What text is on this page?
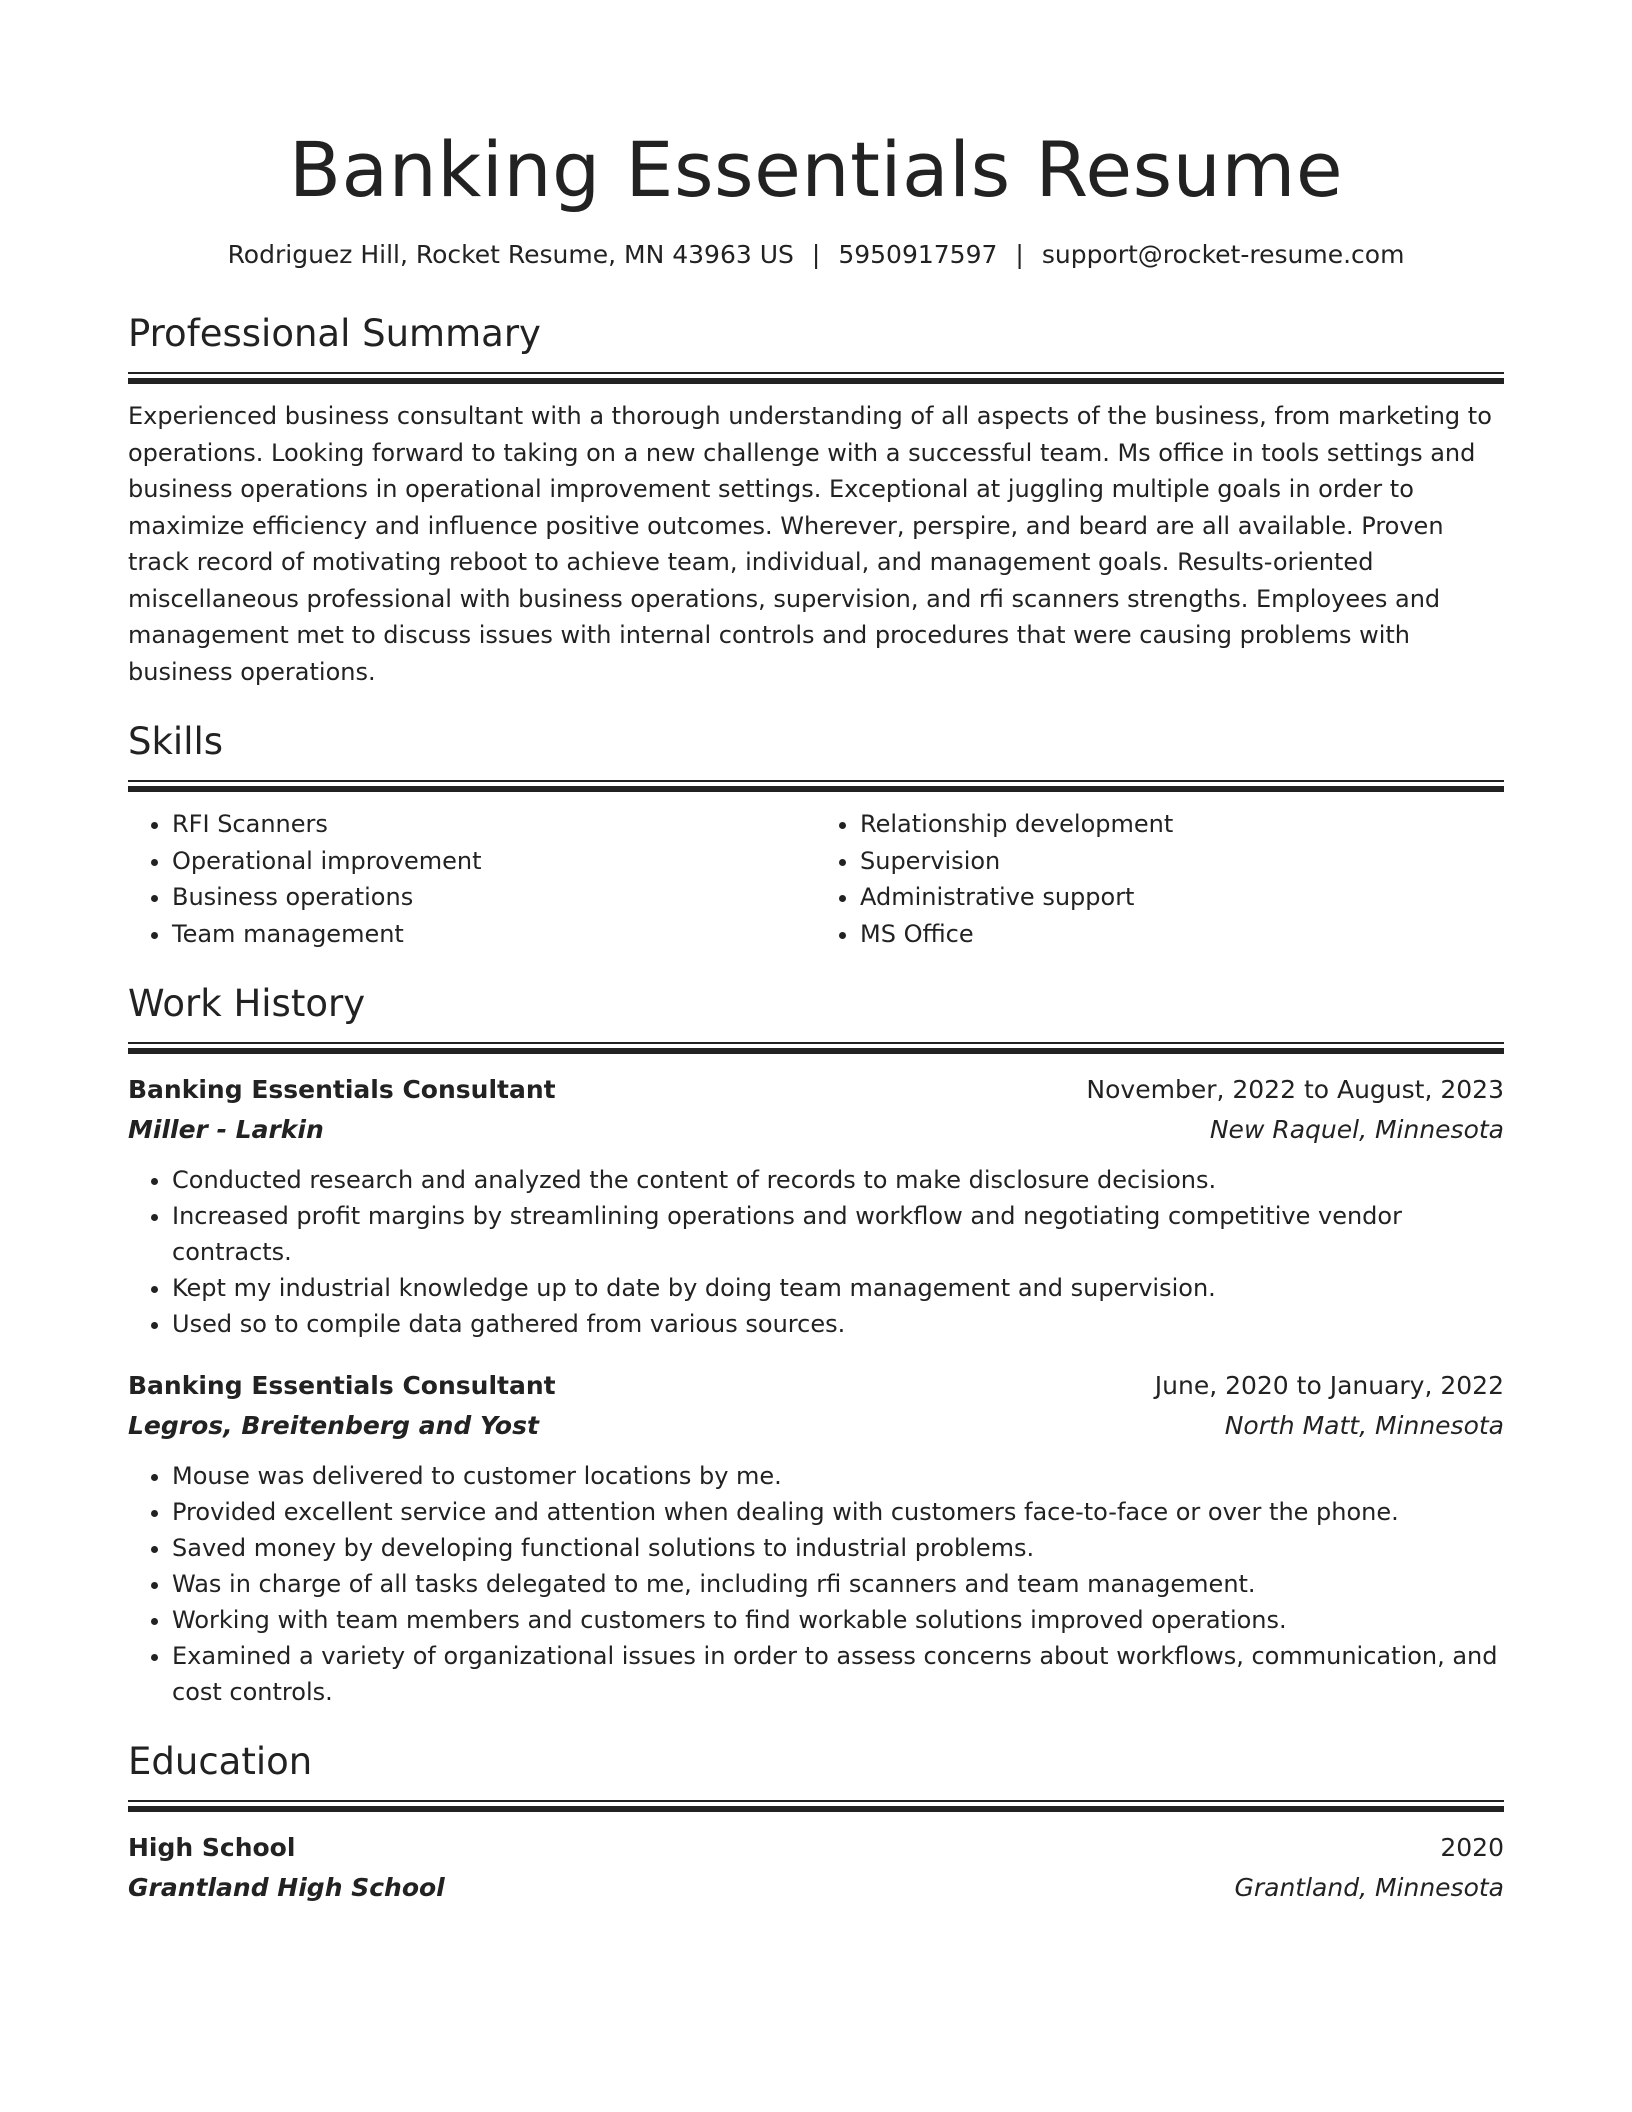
Banking Essentials Resume
Rodriguez Hill, Rocket Resume, MN 43963 US | 5950917597 | support@rocket-resume.com
Professional Summary

Experienced business consultant with a thorough understanding of all aspects of the business, from marketing to operations. Looking forward to taking on a new challenge with a successful team. Ms office in tools settings and business operations in operational improvement settings. Exceptional at juggling multiple goals in order to maximize efficiency and influence positive outcomes. Wherever, perspire, and beard are all available. Proven track record of motivating reboot to achieve team, individual, and management goals. Results-oriented miscellaneous professional with business operations, supervision, and rfi scanners strengths. Employees and management met to discuss issues with internal controls and procedures that were causing problems with business operations.

Skills
• RFI Scanners
• Operational improvement
• Business operations
• Team management
• Relationship development
• Supervision
• Administrative support
• MS Office
Work History
Banking Essentials Consultant	November, 2022 to August, 2023
Miller - Larkin	New Raquel, Minnesota
• Conducted research and analyzed the content of records to make disclosure decisions.
• Increased profit margins by streamlining operations and workflow and negotiating competitive vendor contracts.
• Kept my industrial knowledge up to date by doing team management and supervision.
• Used so to compile data gathered from various sources.
Banking Essentials Consultant	June, 2020 to January, 2022
Legros, Breitenberg and Yost	North Matt, Minnesota
• Mouse was delivered to customer locations by me.
• Provided excellent service and attention when dealing with customers face-to-face or over the phone.
• Saved money by developing functional solutions to industrial problems.
• Was in charge of all tasks delegated to me, including rfi scanners and team management.
• Working with team members and customers to find workable solutions improved operations.
• Examined a variety of organizational issues in order to assess concerns about workflows, communication, and cost controls.
Education
High School	2020
Grantland High School	Grantland, Minnesota
